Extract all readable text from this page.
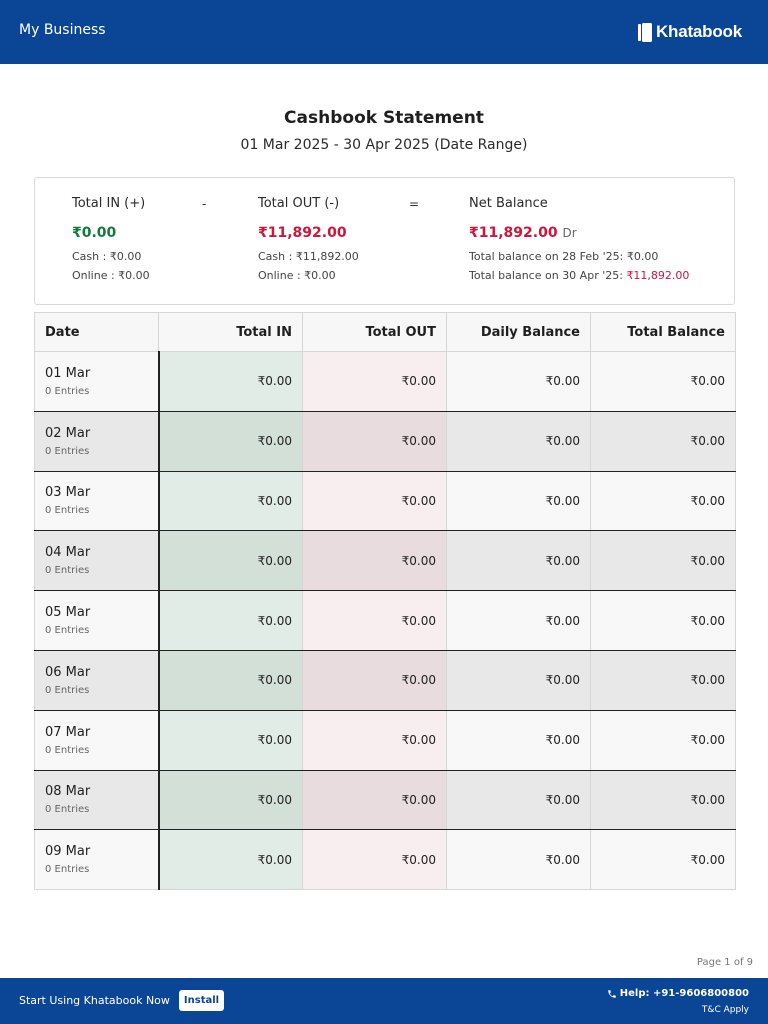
My Business	Khatabook
Cashbook Statement
01 Mar 2025 - 30 Apr 2025 (Date Range)
Total IN (+)
₹0.00
Cash : ₹0.00
Online : ₹0.00
-	Total OUT (-)
₹11,892.00
Cash : ₹11,892.00
Online : ₹0.00
=	Net Balance
₹11,892.00 Dr
Total balance on 28 Feb '25: ₹0.00
Total balance on 30 Apr '25: ₹11,892.00
Date	Total IN	Total OUT	Daily Balance	Total Balance

01 Mar
0 Entries	₹0.00	₹0.00	₹0.00	₹0.00

02 Mar
0 Entries	₹0.00	₹0.00	₹0.00	₹0.00

03 Mar
0 Entries	₹0.00	₹0.00	₹0.00	₹0.00

04 Mar
0 Entries	₹0.00	₹0.00	₹0.00	₹0.00

05 Mar
0 Entries	₹0.00	₹0.00	₹0.00	₹0.00

06 Mar
0 Entries	₹0.00	₹0.00	₹0.00	₹0.00

07 Mar
0 Entries	₹0.00	₹0.00	₹0.00	₹0.00

08 Mar
0 Entries	₹0.00	₹0.00	₹0.00	₹0.00

09 Mar
0 Entries	₹0.00	₹0.00	₹0.00	₹0.00
Page 1 of 9
Start Using Khatabook Now	Install
Help: +91-9606800800
T&C Apply
